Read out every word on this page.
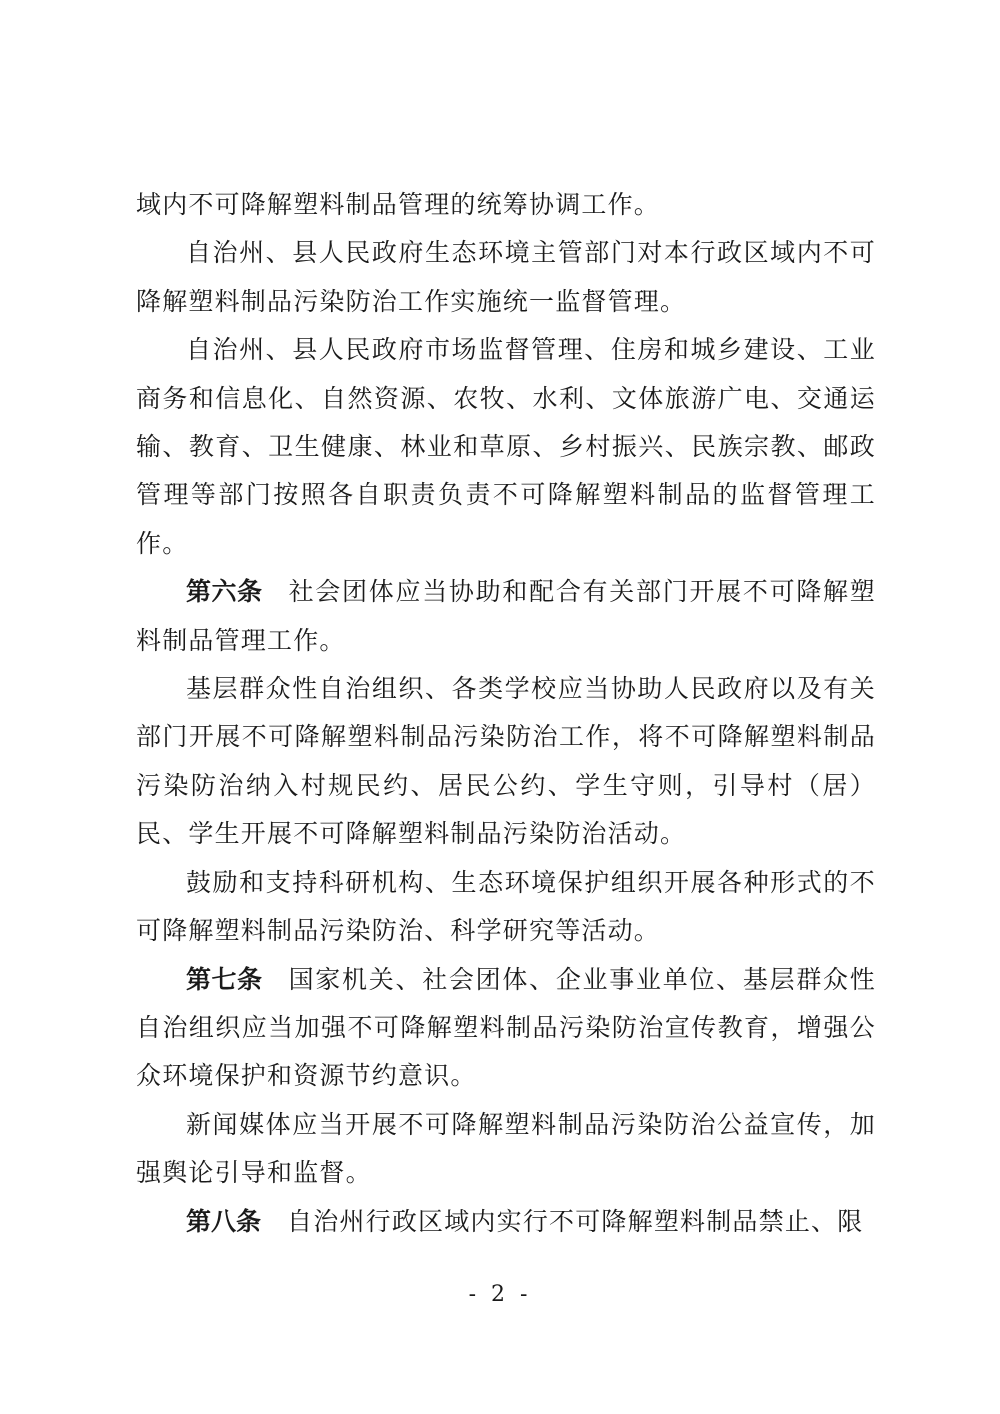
域内不可降解塑料制品管理的统筹协调工作。

自治州、县人民政府生态环境主管部门对本行政区域内不可降解塑料制品污染防治工作实施统一监督管理。

自治州、县人民政府市场监督管理、住房和城乡建设、工业商务和信息化、自然资源、农牧、水利、文体旅游广电、交通运输、教育、卫生健康、林业和草原、乡村振兴、民族宗教、邮政管理等部门按照各自职责负责不可降解塑料制品的监督管理工作。

第六条 社会团体应当协助和配合有关部门开展不可降解塑料制品管理工作。

基层群众性自治组织、各类学校应当协助人民政府以及有关部门开展不可降解塑料制品污染防治工作，将不可降解塑料制品污染防治纳入村规民约、居民公约、学生守则，引导村（居）民、学生开展不可降解塑料制品污染防治活动。

鼓励和支持科研机构、生态环境保护组织开展各种形式的不可降解塑料制品污染防治、科学研究等活动。

第七条 国家机关、社会团体、企业事业单位、基层群众性自治组织应当加强不可降解塑料制品污染防治宣传教育，增强公众环境保护和资源节约意识。

新闻媒体应当开展不可降解塑料制品污染防治公益宣传，加强舆论引导和监督。

第八条 自治州行政区域内实行不可降解塑料制品禁止、限

- 2 -
